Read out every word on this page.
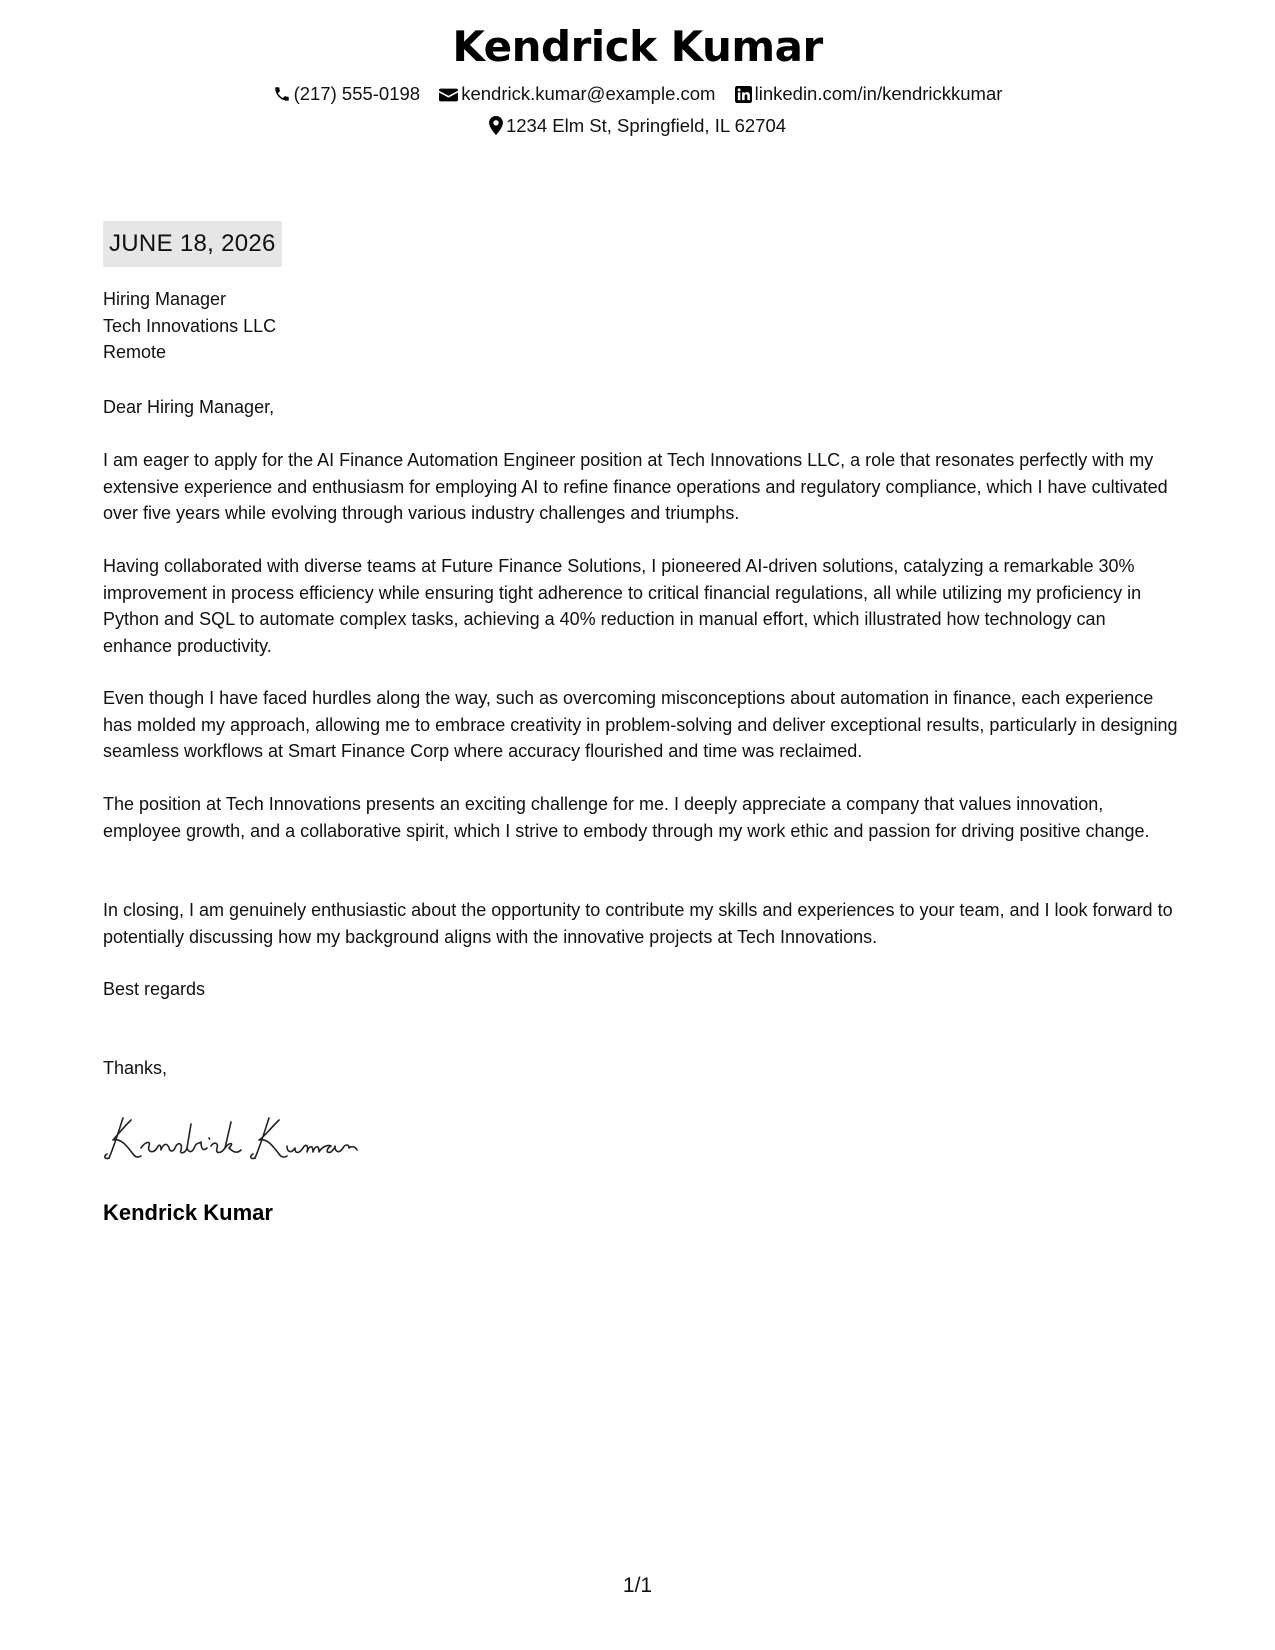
Kendrick Kumar
(217) 555-0198 kendrick.kumar@example.com linkedin.com/in/kendrickkumar
1234 Elm St, Springfield, IL 62704
JUNE 18, 2026
Hiring Manager
Tech Innovations LLC
Remote
Dear Hiring Manager,

I am eager to apply for the AI Finance Automation Engineer position at Tech Innovations LLC, a role that resonates perfectly with my extensive experience and enthusiasm for employing AI to refine finance operations and regulatory compliance, which I have cultivated over five years while evolving through various industry challenges and triumphs.

Having collaborated with diverse teams at Future Finance Solutions, I pioneered AI-driven solutions, catalyzing a remarkable 30% improvement in process efficiency while ensuring tight adherence to critical financial regulations, all while utilizing my proficiency in Python and SQL to automate complex tasks, achieving a 40% reduction in manual effort, which illustrated how technology can enhance productivity.

Even though I have faced hurdles along the way, such as overcoming misconceptions about automation in finance, each experience has molded my approach, allowing me to embrace creativity in problem-solving and deliver exceptional results, particularly in designing seamless workflows at Smart Finance Corp where accuracy flourished and time was reclaimed.

The position at Tech Innovations presents an exciting challenge for me. I deeply appreciate a company that values innovation, employee growth, and a collaborative spirit, which I strive to embody through my work ethic and passion for driving positive change.

In closing, I am genuinely enthusiastic about the opportunity to contribute my skills and experiences to your team, and I look forward to potentially discussing how my background aligns with the innovative projects at Tech Innovations.

Best regards
Thanks,
Kendrick Kumar
1/1
